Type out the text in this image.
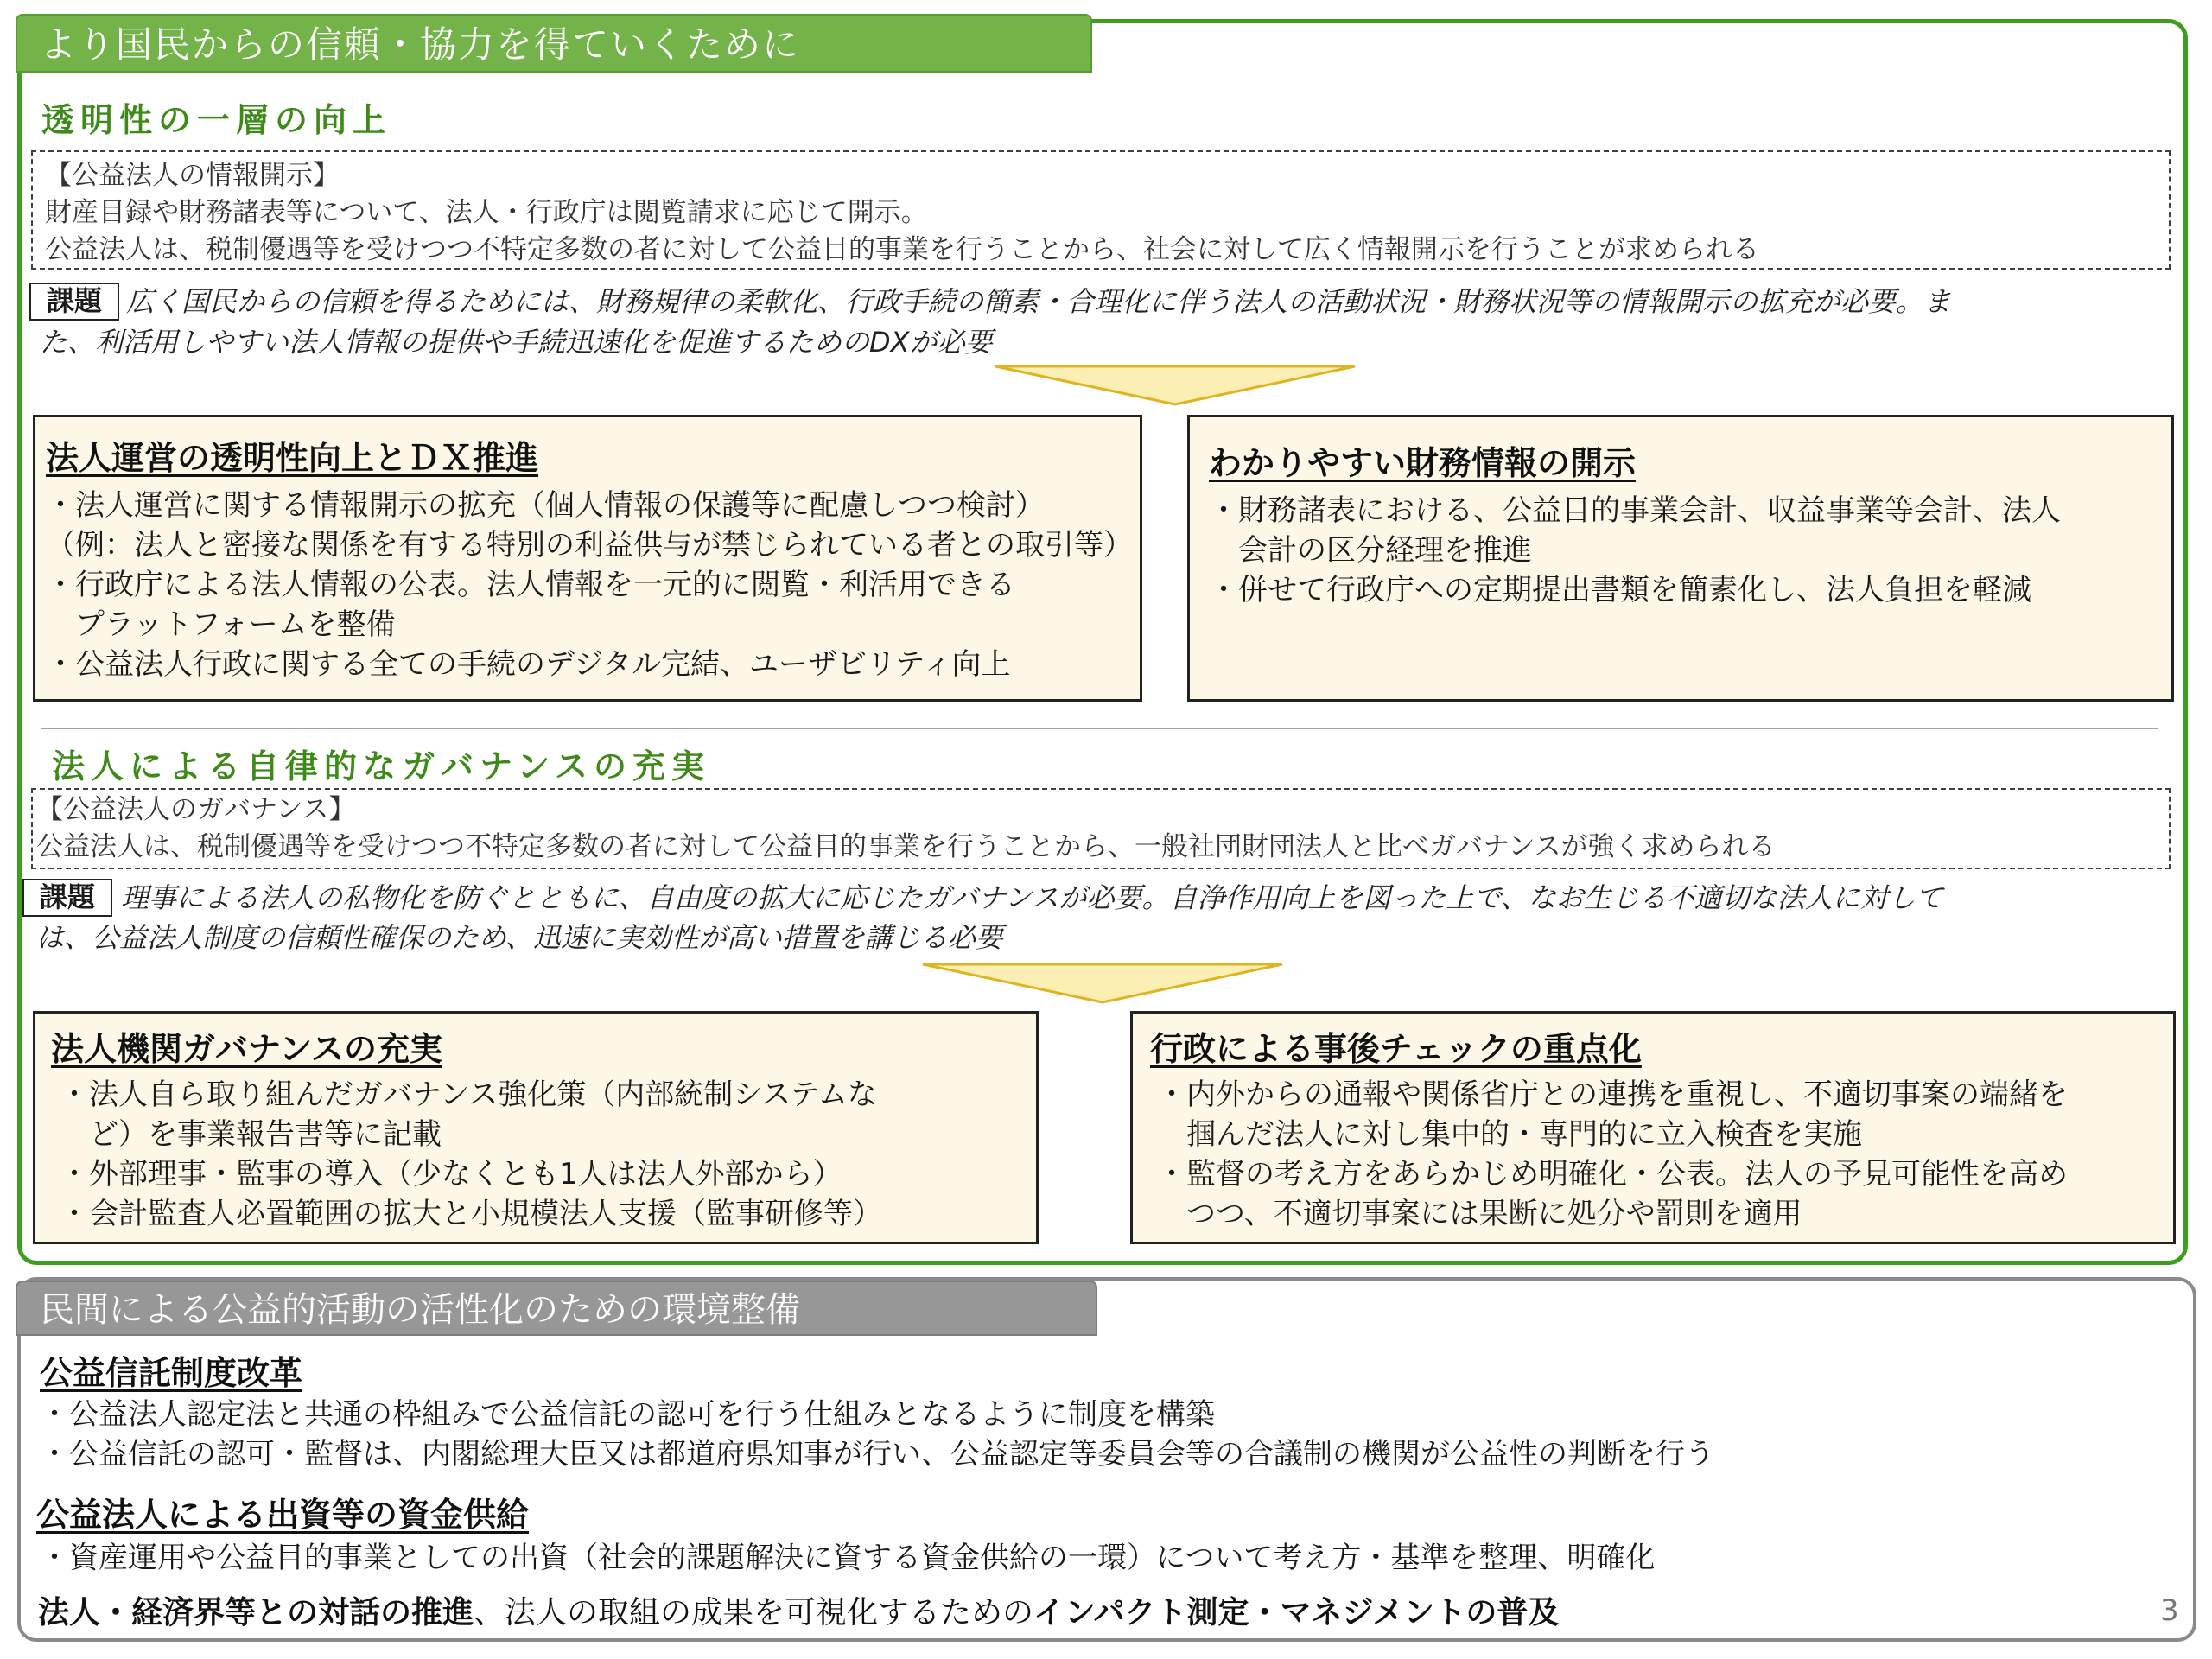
より国民からの信頼・協力を得ていくために
透明性の一層の向上
【公益法人の情報開示】
財産目録や財務諸表等について、法人・行政庁は閲覧請求に応じて開示。
公益法人は、税制優遇等を受けつつ不特定多数の者に対して公益目的事業を行うことから、社会に対して広く情報開示を行うことが求められる
課題 広く国民からの信頼を得るためには、財務規律の柔軟化、行政手続の簡素・合理化に伴う法人の活動状況・財務状況等の情報開示の拡充が必要。ま
た、利活用しやすい法人情報の提供や手続迅速化を促進するためのDXが必要
法人運営の透明性向上とＤＸ推進
・法人運営に関する情報開示の拡充（個人情報の保護等に配慮しつつ検討）
（例：法人と密接な関係を有する特別の利益供与が禁じられている者との取引等）
・行政庁による法人情報の公表。法人情報を一元的に閲覧・利活用できる
　プラットフォームを整備
・公益法人行政に関する全ての手続のデジタル完結、ユーザビリティ向上
わかりやすい財務情報の開示
・財務諸表における、公益目的事業会計、収益事業等会計、法人
　会計の区分経理を推進
・併せて行政庁への定期提出書類を簡素化し、法人負担を軽減
法人による自律的なガバナンスの充実
【公益法人のガバナンス】
公益法人は、税制優遇等を受けつつ不特定多数の者に対して公益目的事業を行うことから、一般社団財団法人と比べガバナンスが強く求められる
課題 理事による法人の私物化を防ぐとともに、自由度の拡大に応じたガバナンスが必要。自浄作用向上を図った上で、なお生じる不適切な法人に対して
は、公益法人制度の信頼性確保のため、迅速に実効性が高い措置を講じる必要
法人機関ガバナンスの充実
・法人自ら取り組んだガバナンス強化策（内部統制システムな
　ど）を事業報告書等に記載
・外部理事・監事の導入（少なくとも1人は法人外部から）
・会計監査人必置範囲の拡大と小規模法人支援（監事研修等）
行政による事後チェックの重点化
・内外からの通報や関係省庁との連携を重視し、不適切事案の端緒を
　掴んだ法人に対し集中的・専門的に立入検査を実施
・監督の考え方をあらかじめ明確化・公表。法人の予見可能性を高め
　つつ、不適切事案には果断に処分や罰則を適用
民間による公益的活動の活性化のための環境整備
公益信託制度改革
・公益法人認定法と共通の枠組みで公益信託の認可を行う仕組みとなるように制度を構築
・公益信託の認可・監督は、内閣総理大臣又は都道府県知事が行い、公益認定等委員会等の合議制の機関が公益性の判断を行う
公益法人による出資等の資金供給
・資産運用や公益目的事業としての出資（社会的課題解決に資する資金供給の一環）について考え方・基準を整理、明確化
法人・経済界等との対話の推進、法人の取組の成果を可視化するためのインパクト測定・マネジメントの普及	3
